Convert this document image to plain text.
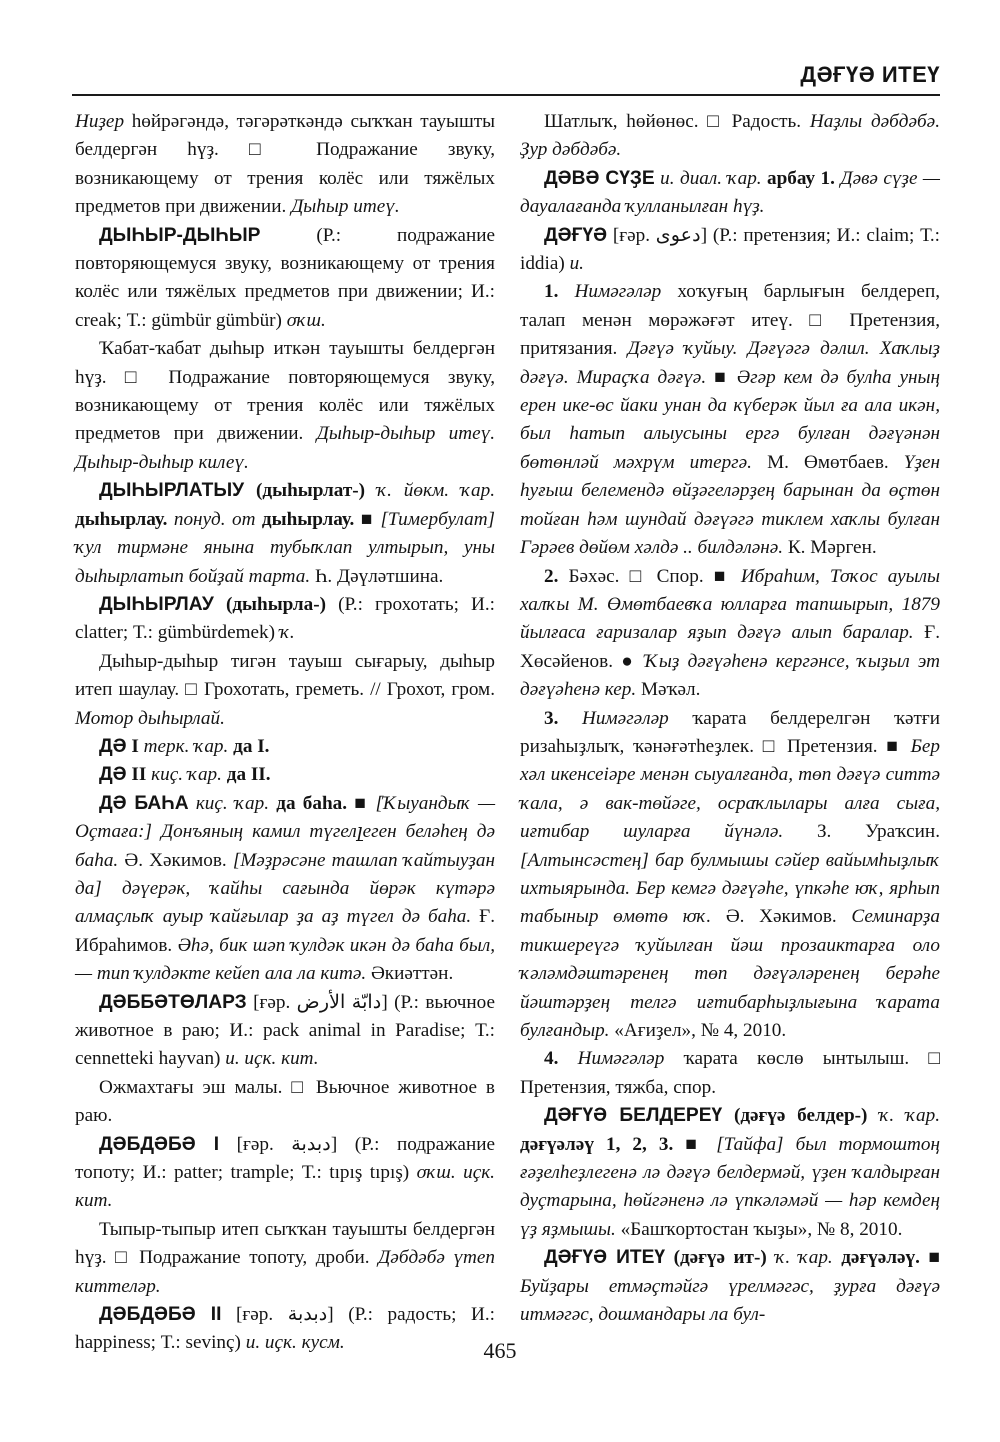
ДӘҒҮӘ ИТЕҮ

Ниҙер һөйрәгәндә, тәгәрәткәндә сыҡҡан тауышты белдергән һүҙ. □ Подражание звуку, возникающему от трения колёс или тяжёлых предметов при движении. Дыһыр итеү.

ДЫҺЫР-ДЫҺЫР (Р.: подражание повторяющемуся звуку, возникающему от трения колёс или тяжёлых предметов при движении; И.: creak; Т.: gümbür gümbür) оҡш.

Ҡабат-ҡабат дыһыр иткән тауышты белдергән һүҙ. □ Подражание повторяющемуся звуку, возникающему от трения колёс или тяжёлых предметов при движении. Дыһыр-дыһыр итеү. Дыһыр-дыһыр килеү.

ДЫҺЫРЛАТЫУ (дыһырлат-) ҡ. йөкм. ҡар. дыһырлау. понуд. от дыһырлау. ■ [Тимербулат] ҡул тирмәне янына тубыҡлап ултырып, уны дыһырлатып бойҙай тарта. Һ. Дәүләтшина.

ДЫҺЫРЛАУ (дыһырла-) (Р.: грохотать; И.: clatter; Т.: gümbürdemek) ҡ.

Дыһыр-дыһыр тигән тауыш сығарыу, дыһыр итеп шаулау. □ Грохотать, греметь. // Грохот, гром. Мотор дыһырлай.

ДӘ I терк. ҡар. да I.

ДӘ II киҫ. ҡар. да II.

ДӘ БАҺА киҫ. ҡар. да баһа. ■ [Ҡыуандыҡ — Оҫтаға:] Донъяның камил түгелլеген беләһең дә баһа. Ә. Хәкимов. [Мәҙрәсәне ташлап ҡайтыуҙан да] дәүерәк, ҡайһы сағында йөрәк күтәрә алмаҫлыҡ ауыр ҡайғылар ҙа аҙ түгел дә баһа. Ғ. Ибраһимов. Әһә, бик шәп ҡулдәк икән дә баһа был, — тип ҡулдәкте кейеп ала ла китә. Әкиәттән.

ДӘББӘТӨЛАРЗ [ғәр. دابّة الأرض] (Р.: вьючное животное в раю; И.: pack animal in Paradise; Т.: cennetteki hayvan) и. иҫк. кит.

Ожмахтағы эш малы. □ Вьючное животное в раю.

ДӘБДӘБӘ I [ғәр. دبدبة] (Р.: подражание топоту; И.: patter; trample; Т.: tıpış tıpış) оҡш. иҫк. кит.

Тыпыр-тыпыр итеп сыҡҡан тауышты белдергән һүҙ. □ Подражание топоту, дроби. Дәбдәбә үтеп киттеләр.

ДӘБДӘБӘ II [ғәр. دبدبة] (Р.: радость; И.: happiness; Т.: sevinç) и. иҫк. кусм.

Шатлыҡ, һөйөнөс. □ Радость. Наҙлы дәбдәбә. Ҙур дәбдәбә.

ДӘВӘ СҮҘЕ и. диал. ҡар. арбау 1. Дәвә сүҙе — дауалағанда ҡулланылған һүҙ.

ДӘҒҮӘ [ғәр. دعوى] (Р.: претензия; И.: claim; Т.: iddia) и.

1. Нимәгәләр хоҡуғың барлығын белдереп, талап менән мөрәжәғәт итеү. □ Претензия, притязания. Дәғүә ҡуйыу. Дәғүәгә дәлил. Хаҡлыҙ дәғүә. Мираҫҡа дәғүә. ■ Әгәр кем дә булһа уның ерен ике-өс йаки унан да күберәк йыл ға ала икән, был һатып алыусыны ергә булған дәғүәнән бөтөнләй мәхрүм итергә. М. Өмөтбаев. Үҙен һуғыш белемендә өйҙәгеләрҙең барынан да өҫтөн тойған һәм шундай дәғүәгә тиклем хаҡлы булған Гәрәев дөйөм хәлдә .. билдәләнә. К. Мәрген.

2. Бәхәс. □ Спор. ■ Ибраһим, Тоҡос ауылы халҡы М. Өмөтбаевҡа юлларға тапшырып, 1879 йылғаса ғаризалар яҙып дәғүә алып баралар. Ғ. Хөсәйенов. ● Ҡыҙ дәғүәһенә кергәнсе, ҡыҙыл эт дәғүәһенә кер. Мәҡәл.

3. Нимәгәләр ҡарата белдерелгән ҡәтғи ризаһыҙлыҡ, ҡәнәғәтһеҙлек. □ Претензия. ■ Бер хәл икенсеiәре менән сыуалғанда, төп дәғүә ситтә ҡала, ә вак-төйәге, осраҡлылары алға сыға, иғтибар шуларға йүнәлә. З. Ураҡсин. [Алтынсәстең] бар булмышы сәйер вайымһыҙлыҡ ихтыярында. Бер кемгә дәғүәһе, үпкәһе юҡ, ярһып табыныр өмөтө юҡ. Ә. Хәкимов. Семинарҙа тикшереүгә ҡуйылған йәш прозаиктарға оло ҡәләмдәштәренең төп дәғүәләренең берәһе йәштәрҙең телгә иғтибарһыҙлығына ҡарата булғандыр. «Ағиҙел», № 4, 2010.

4. Нимәгәләр ҡарата көслө ынтылыш. □ Претензия, тяжба, спор.

ДӘҒҮӘ БЕЛДЕРЕҮ (дәғүә белдер-) ҡ. ҡар. дәғүәләү 1, 2, 3. ■ [Тайфа] был тормоштоң ғәҙелһеҙлегенә лә дәғүә белдермәй, үҙен ҡалдырған дуҫтарына, һөйгәненә лә үпкәләмәй — һәр кемдең үҙ яҙмышы. «Башҡортостан ҡыҙы», № 8, 2010.

ДӘҒҮӘ ИТЕҮ (дәғүә ит-) ҡ. ҡар. дәғүәләү. ■ Буйҙары етмәҫтәйгә үрелмәгәс, ҙурға дәғүә итмәгәс, дошмандары ла бул-

465
